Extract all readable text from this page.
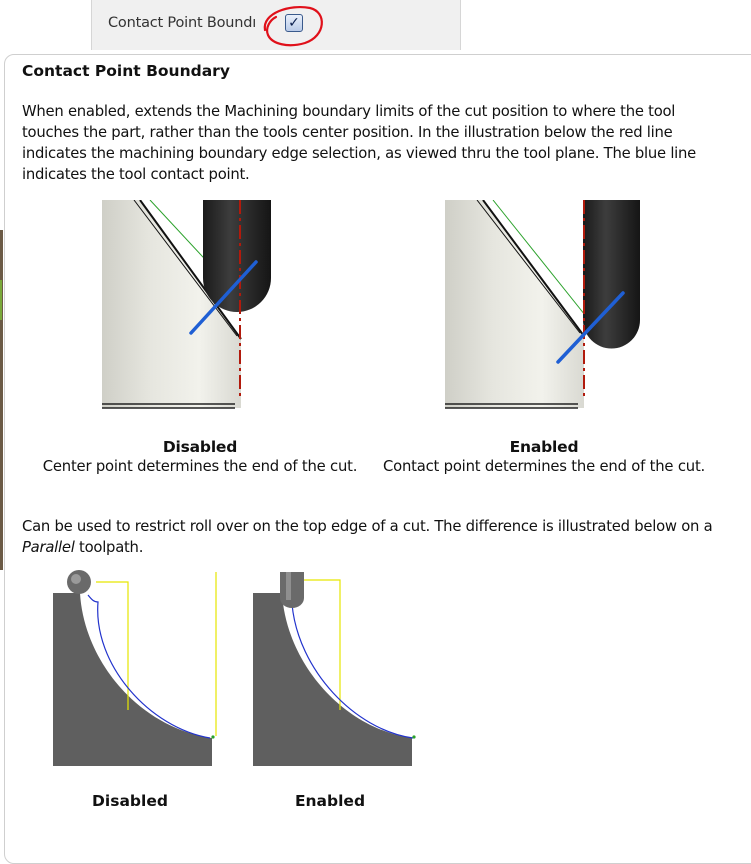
Contact Point Boundı ✓
Contact Point Boundary
When enabled, extends the Machining boundary limits of the cut position to where the tool touches the part, rather than the tools center position. In the illustration below the red line indicates the machining boundary edge selection, as viewed thru the tool plane. The blue line indicates the tool contact point.
Disabled
Center point determines the end of the cut.
Enabled
Contact point determines the end of the cut.
Can be used to restrict roll over on the top edge of a cut. The difference is illustrated below on a Parallel toolpath.
Disabled	Enabled
